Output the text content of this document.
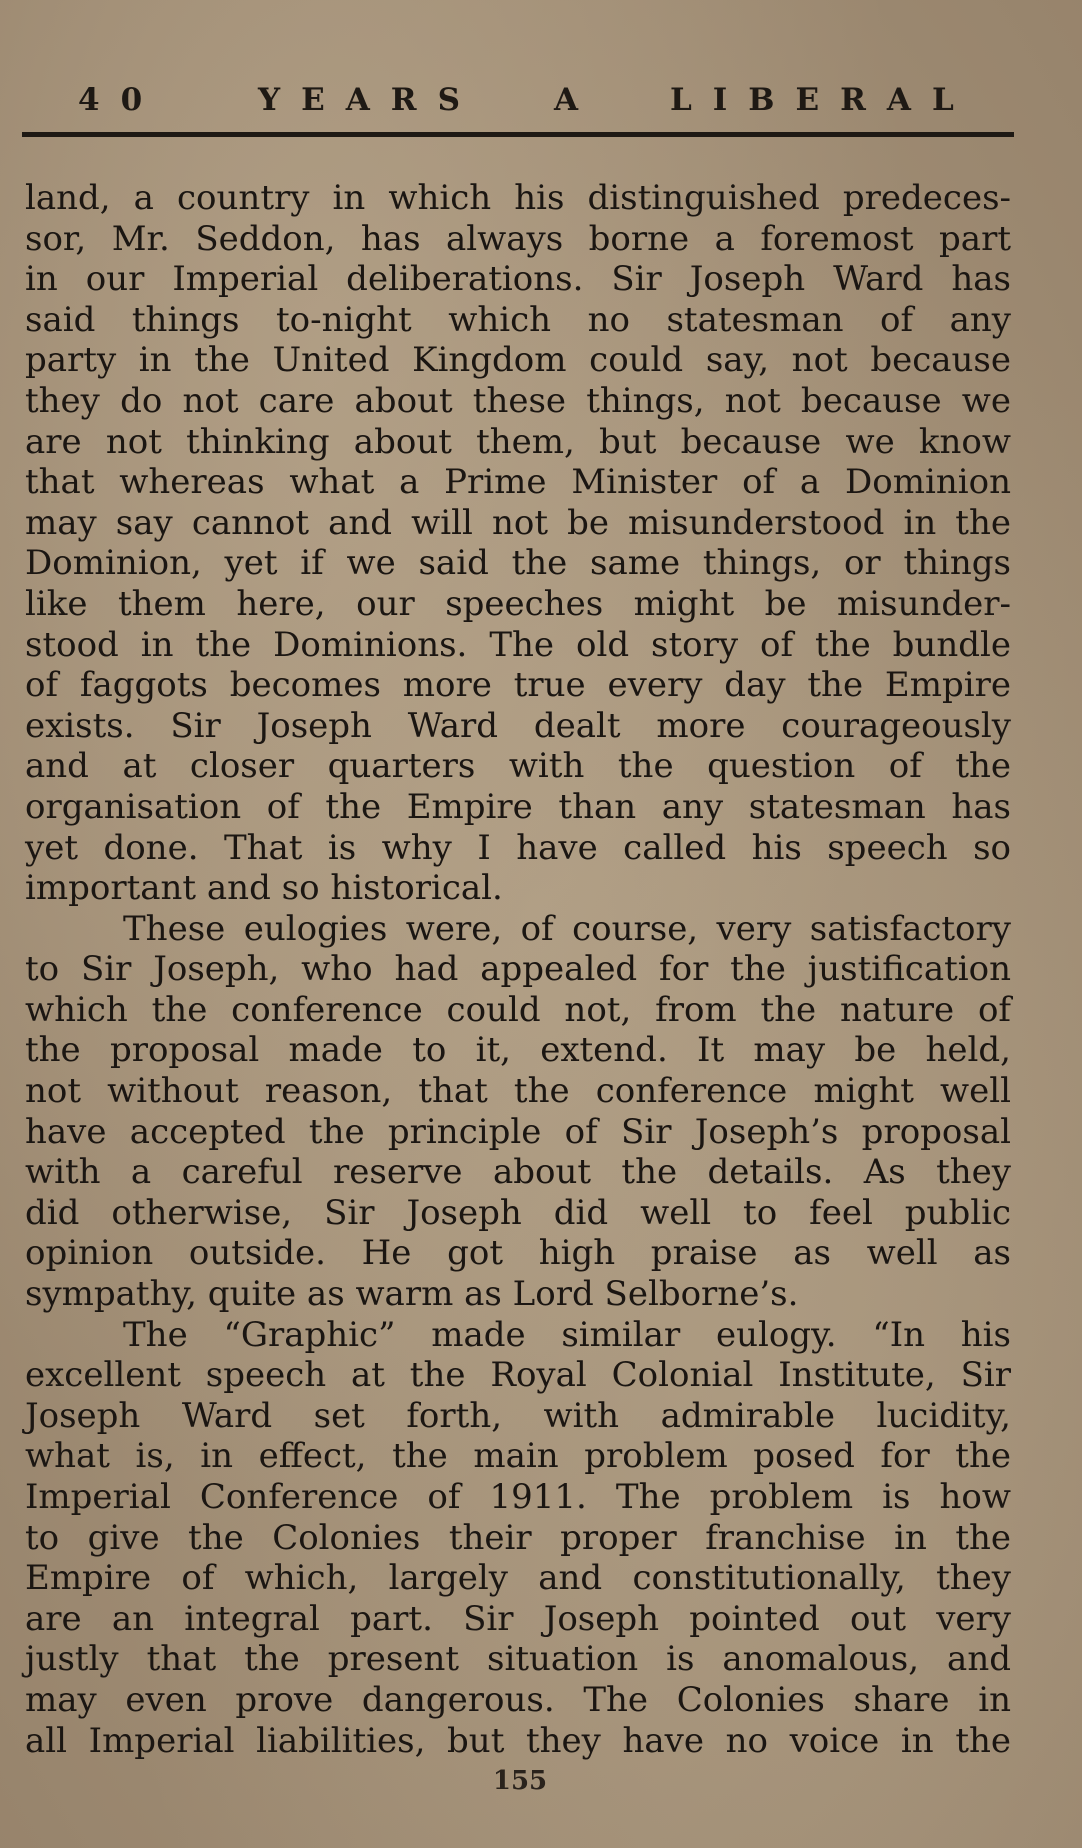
40	YEARS A LIBERAL
land, a country in which his distinguished predeces-
sor, Mr. Seddon, has always borne a foremost part
in our Imperial deliberations. Sir Joseph Ward has
said things to-night which no statesman of any
party in the United Kingdom could say, not because
they do not care about these things, not because we
are not thinking about them, but because we know
that whereas what a Prime Minister of a Dominion
may say cannot and will not be misunderstood in the
Dominion, yet if we said the same things, or things
like them here, our speeches might be misunder-
stood in the Dominions. The old story of the bundle
of faggots becomes more true every day the Empire
exists. Sir Joseph Ward dealt more courageously
and at closer quarters with the question of the
organisation of the Empire than any statesman has
yet done. That is why I have called his speech so
important and so historical.
These eulogies were, of course, very satisfactory
to Sir Joseph, who had appealed for the justification
which the conference could not, from the nature of
the proposal made to it, extend. It may be held,
not without reason, that the conference might well
have accepted the principle of Sir Joseph’s proposal
with a careful reserve about the details. As they
did otherwise, Sir Joseph did well to feel public
opinion outside. He got high praise as well as
sympathy, quite as warm as Lord Selborne’s.
The “Graphic” made similar eulogy. “In his
excellent speech at the Royal Colonial Institute, Sir
Joseph Ward set forth, with admirable lucidity,
what is, in effect, the main problem posed for the
Imperial Conference of 1911. The problem is how
to give the Colonies their proper franchise in the
Empire of which, largely and constitutionally, they
are an integral part. Sir Joseph pointed out very
justly that the present situation is anomalous, and
may even prove dangerous. The Colonies share in
all Imperial liabilities, but they have no voice in the
155
